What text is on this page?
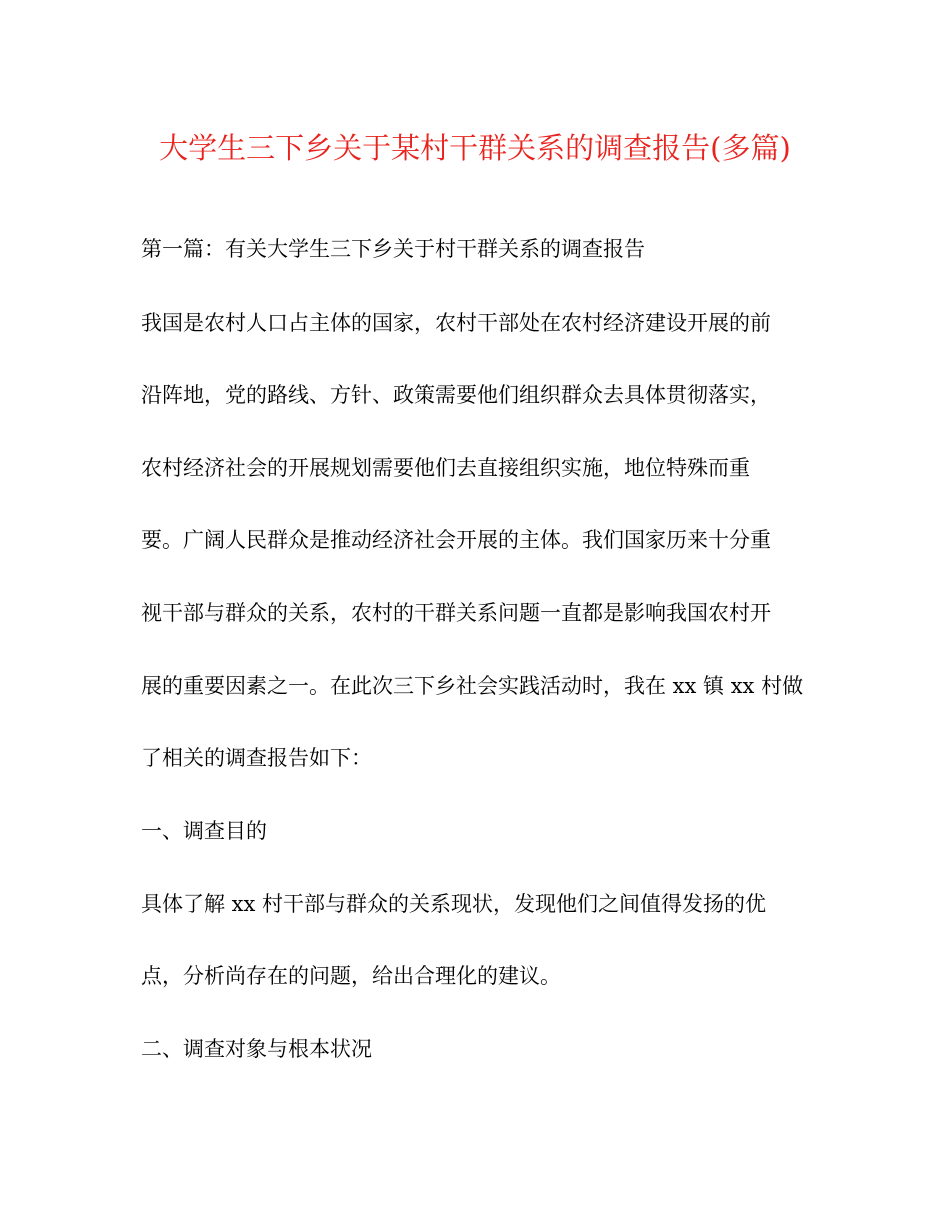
大学生三下乡关于某村干群关系的调查报告(多篇)
第一篇：有关大学生三下乡关于村干群关系的调查报告
我国是农村人口占主体的国家，农村干部处在农村经济建设开展的前
沿阵地，党的路线、方针、政策需要他们组织群众去具体贯彻落实，
农村经济社会的开展规划需要他们去直接组织实施，地位特殊而重
要。广阔人民群众是推动经济社会开展的主体。我们国家历来十分重
视干部与群众的关系，农村的干群关系问题一直都是影响我国农村开
展的重要因素之一。在此次三下乡社会实践活动时，我在 xx 镇 xx 村做
了相关的调查报告如下：
一、调查目的
具体了解 xx 村干部与群众的关系现状，发现他们之间值得发扬的优
点，分析尚存在的问题，给出合理化的建议。
二、调查对象与根本状况
